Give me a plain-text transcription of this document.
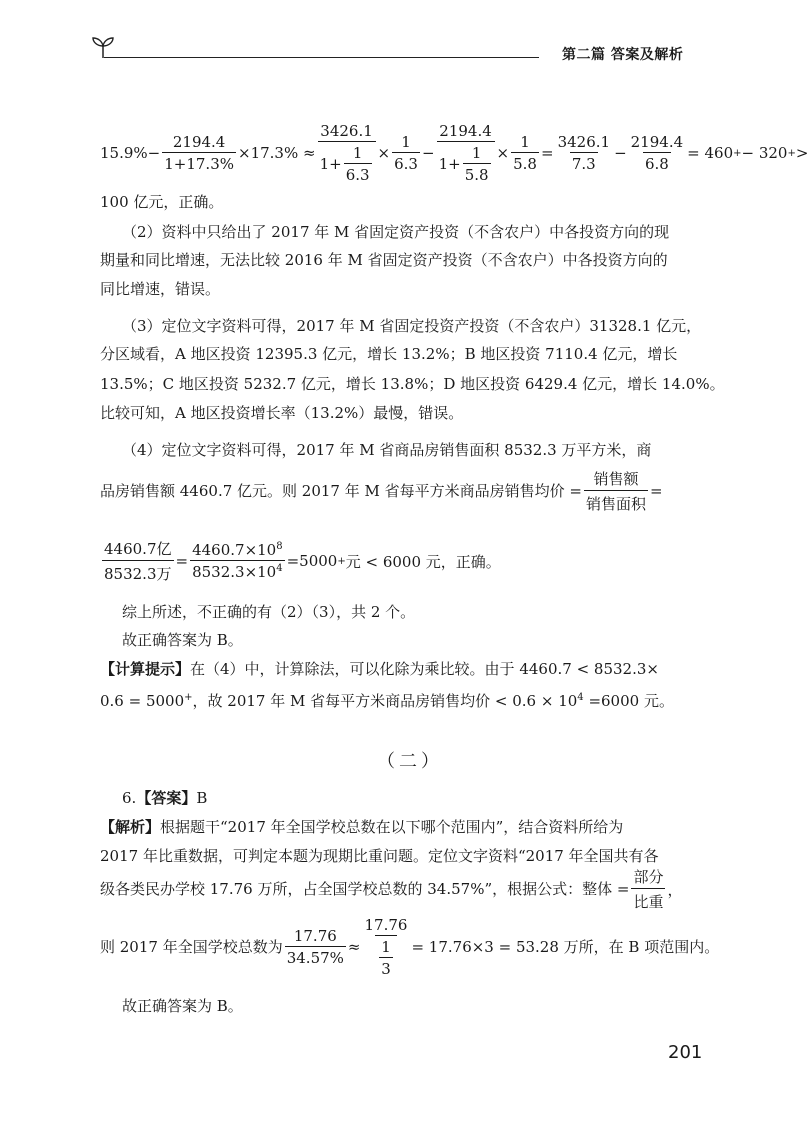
第二篇 答案及解析
$15.9\%- \frac{2194.4}{1+17.3\%} \times 17.3\% \approx \frac{3426.1}{1+ \frac{1}{6.3}} \times \frac{1}{6.3} - \frac{2194.4}{1+ \frac{1}{5.8}} \times \frac{1}{5.8} = \frac{3426.1}{7.3} - \frac{2194.4}{6.8} = 460$ + − 320 + >
100 亿元，正确。
（2）资料中只给出了 2017 年 M 省固定资产投资（不含农户）中各投资方向的现
期量和同比增速，无法比较 2016 年 M 省固定资产投资（不含农户）中各投资方向的
同比增速，错误。
（3）定位文字资料可得，2017 年 M 省固定投资产投资（不含农户）31328.1 亿元，
分区域看，A 地区投资 12395.3 亿元，增长 13.2%；B 地区投资 7110.4 亿元，增长
13.5%；C 地区投资 5232.7 亿元，增长 13.8%；D 地区投资 6429.4 亿元，增长 14.0%。
比较可知，A 地区投资增长率（13.2%）最慢，错误。
（4）定位文字资料可得，2017 年 M 省商品房销售面积 8532.3 万平方米，商
品房销售额 4460.7 亿元。则 2017 年 M 省每平方米商品房销售均价 = $\frac{\text{销售额}}{\text{销售面积}}$ =
$\frac{\text{4460.7亿}}{\text{8532.3万}} = \frac{4460.7\times 10^8}{8532.3\times 10^4} =5000$ + 元 < 6000 元，正确。
综上所述，不正确的有（2）（3），共 2 个。
故正确答案为 B。
【计算提示】在（4）中，计算除法，可以化除为乘比较。由于 4460.7 < 8532.3×
0.6 = 5000+，故 2017 年 M 省每平方米商品房销售均价 < $0.6 \times 10^4 =6000$ 元。
（二）
6.【答案】B
【解析】根据题干“2017 年全国学校总数在以下哪个范围内”，结合资料所给为
2017 年比重数据，可判定本题为现期比重问题。定位文字资料“2017 年全国共有各
级各类民办学校 17.76 万所，占全国学校总数的 34.57%”，根据公式：整体 = $\frac{\text{部分}}{\text{比重}}$ ，
则 2017 年全国学校总数为 $\frac{17.76}{34.57\%} \approx \frac{17.76}{\frac{1}{3}} = 17.76\times 3 = 53.28$ 万所，在 B 项范围内。
故正确答案为 B。
201
